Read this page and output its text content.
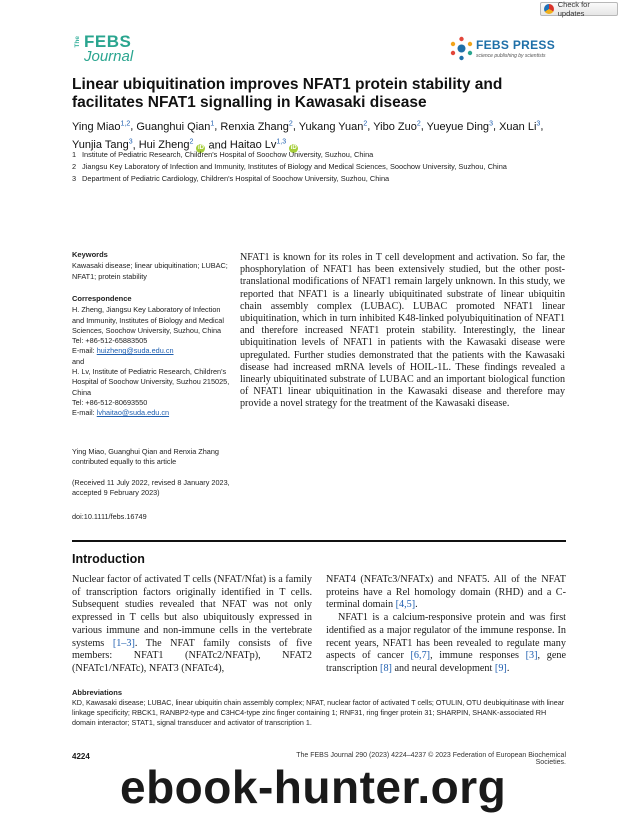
Check for updates
The FEBS
Journal
FEBS PRESS
science publishing by scientists
Linear ubiquitination improves NFAT1 protein stability and facilitates NFAT1 signalling in Kawasaki disease
Ying Miao$^{1,2}$, Guanghui Qian$^1$, Renxia Zhang$^2$, Yukang Yuan$^2$, Yibo Zuo$^2$, Yueyue Ding$^3$, Xuan Li$^3$,
Yunjia Tang$^3$, Hui Zheng$^2$ iD and Haitao Lv$^{1,3}$ iD
1 Institute of Pediatric Research, Children's Hospital of Soochow University, Suzhou, China
2 Jiangsu Key Laboratory of Infection and Immunity, Institutes of Biology and Medical Sciences, Soochow University, Suzhou, China
3 Department of Pediatric Cardiology, Children's Hospital of Soochow University, Suzhou, China
Keywords
Kawasaki disease; linear ubiquitination; LUBAC; NFAT1; protein stability
Correspondence
H. Zheng, Jiangsu Key Laboratory of Infection and Immunity, Institutes of Biology and Medical Sciences, Soochow University, Suzhou, China
Tel: +86-512-65883505
E-mail: huizheng@suda.edu.cn
and
H. Lv, Institute of Pediatric Research, Children's Hospital of Soochow University, Suzhou 215025, China
Tel: +86-512-80693550
E-mail: lvhaitao@suda.edu.cn
Ying Miao, Guanghui Qian and Renxia Zhang contributed equally to this article
(Received 11 July 2022, revised 8 January 2023, accepted 9 February 2023)
doi:10.1111/febs.16749
NFAT1 is known for its roles in T cell development and activation. So far, the phosphorylation of NFAT1 has been extensively studied, but the other post-translational modifications of NFAT1 remain largely unknown. In this study, we reported that NFAT1 is a linearly ubiquitinated substrate of linear ubiquitin chain assembly complex (LUBAC). LUBAC promoted NFAT1 linear ubiquitination, which in turn inhibited K48-linked polyubiquitination of NFAT1 and therefore increased NFAT1 protein stability. Interestingly, the linear ubiquitination levels of NFAT1 in patients with the Kawasaki disease were upregulated. Further studies demonstrated that the patients with the Kawasaki disease had increased mRNA levels of HOIL-1L. These findings revealed a linearly ubiquitinated substrate of LUBAC and an important biological function of NFAT1 linear ubiquitination in the Kawasaki disease and therefore may provide a novel strategy for the treatment of the Kawasaki disease.
Introduction
Nuclear factor of activated T cells (NFAT/Nfat) is a family of transcription factors originally identified in T cells. Subsequent studies revealed that NFAT was not only expressed in T cells but also ubiquitously expressed in various immune and non-immune cells in the vertebrate systems [1–3]. The NFAT family consists of five members: NFAT1 (NFATc2/NFATp), NFAT2 (NFATc1/NFATc), NFAT3 (NFATc4),

NFAT4 (NFATc3/NFATx) and NFAT5. All of the NFAT proteins have a Rel homology domain (RHD) and a C-terminal domain [4,5].

NFAT1 is a calcium-responsive protein and was first identified as a major regulator of the immune response. In recent years, NFAT1 has been revealed to regulate many aspects of cancer [6,7], immune responses [3], gene transcription [8] and neural development [9].

Abbreviations
KD, Kawasaki disease; LUBAC, linear ubiquitin chain assembly complex; NFAT, nuclear factor of activated T cells; OTULIN, OTU deubiquitinase with linear linkage specificity; RBCK1, RANBP2-type and C3HC4-type zinc finger containing 1; RNF31, ring finger protein 31; SHARPIN, SHANK-associated RH domain interactor; STAT1, signal transducer and activator of transcription 1.
4224	The FEBS Journal 290 (2023) 4224–4237 © 2023 Federation of European Biochemical Societies.
ebook-hunter.org
